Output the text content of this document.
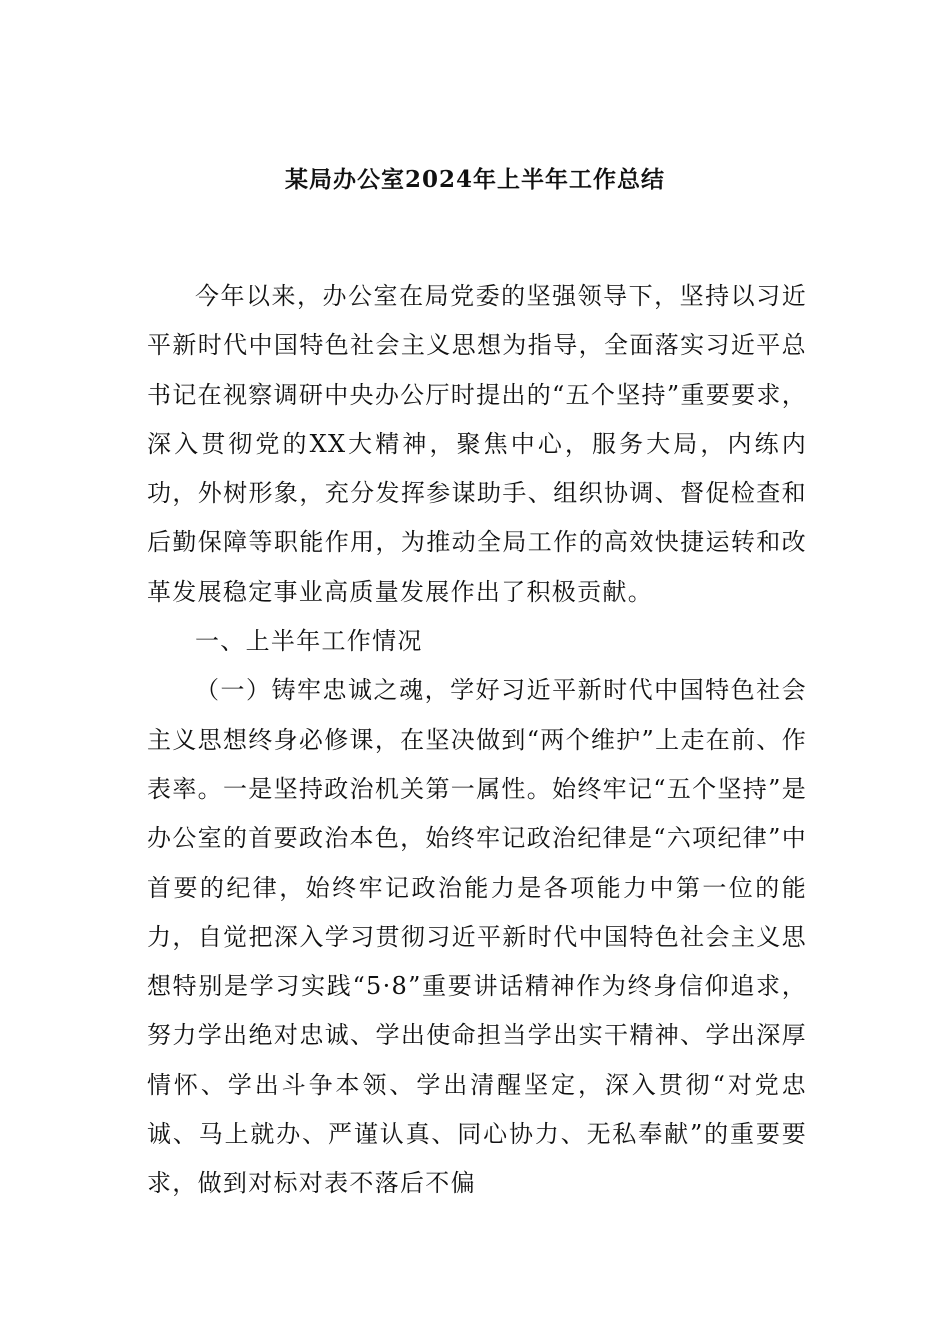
某局办公室2024年上半年工作总结

今年以来，办公室在局党委的坚强领导下，坚持以习近平新时代中国特色社会主义思想为指导，全面落实习近平总书记在视察调研中央办公厅时提出的“五个坚持”重要要求，深入贯彻党的XX大精神，聚焦中心，服务大局，内练内功，外树形象，充分发挥参谋助手、组织协调、督促检查和后勤保障等职能作用，为推动全局工作的高效快捷运转和改革发展稳定事业高质量发展作出了积极贡献。

一、上半年工作情况

（一）铸牢忠诚之魂，学好习近平新时代中国特色社会主义思想终身必修课，在坚决做到“两个维护”上走在前、作表率。一是坚持政治机关第一属性。始终牢记“五个坚持”是办公室的首要政治本色，始终牢记政治纪律是“六项纪律”中首要的纪律，始终牢记政治能力是各项能力中第一位的能力，自觉把深入学习贯彻习近平新时代中国特色社会主义思想特别是学习实践“5·8”重要讲话精神作为终身信仰追求，努力学出绝对忠诚、学出使命担当学出实干精神、学出深厚情怀、学出斗争本领、学出清醒坚定，深入贯彻“对党忠诚、马上就办、严谨认真、同心协力、无私奉献”的重要要求，做到对标对表不落后不偏
